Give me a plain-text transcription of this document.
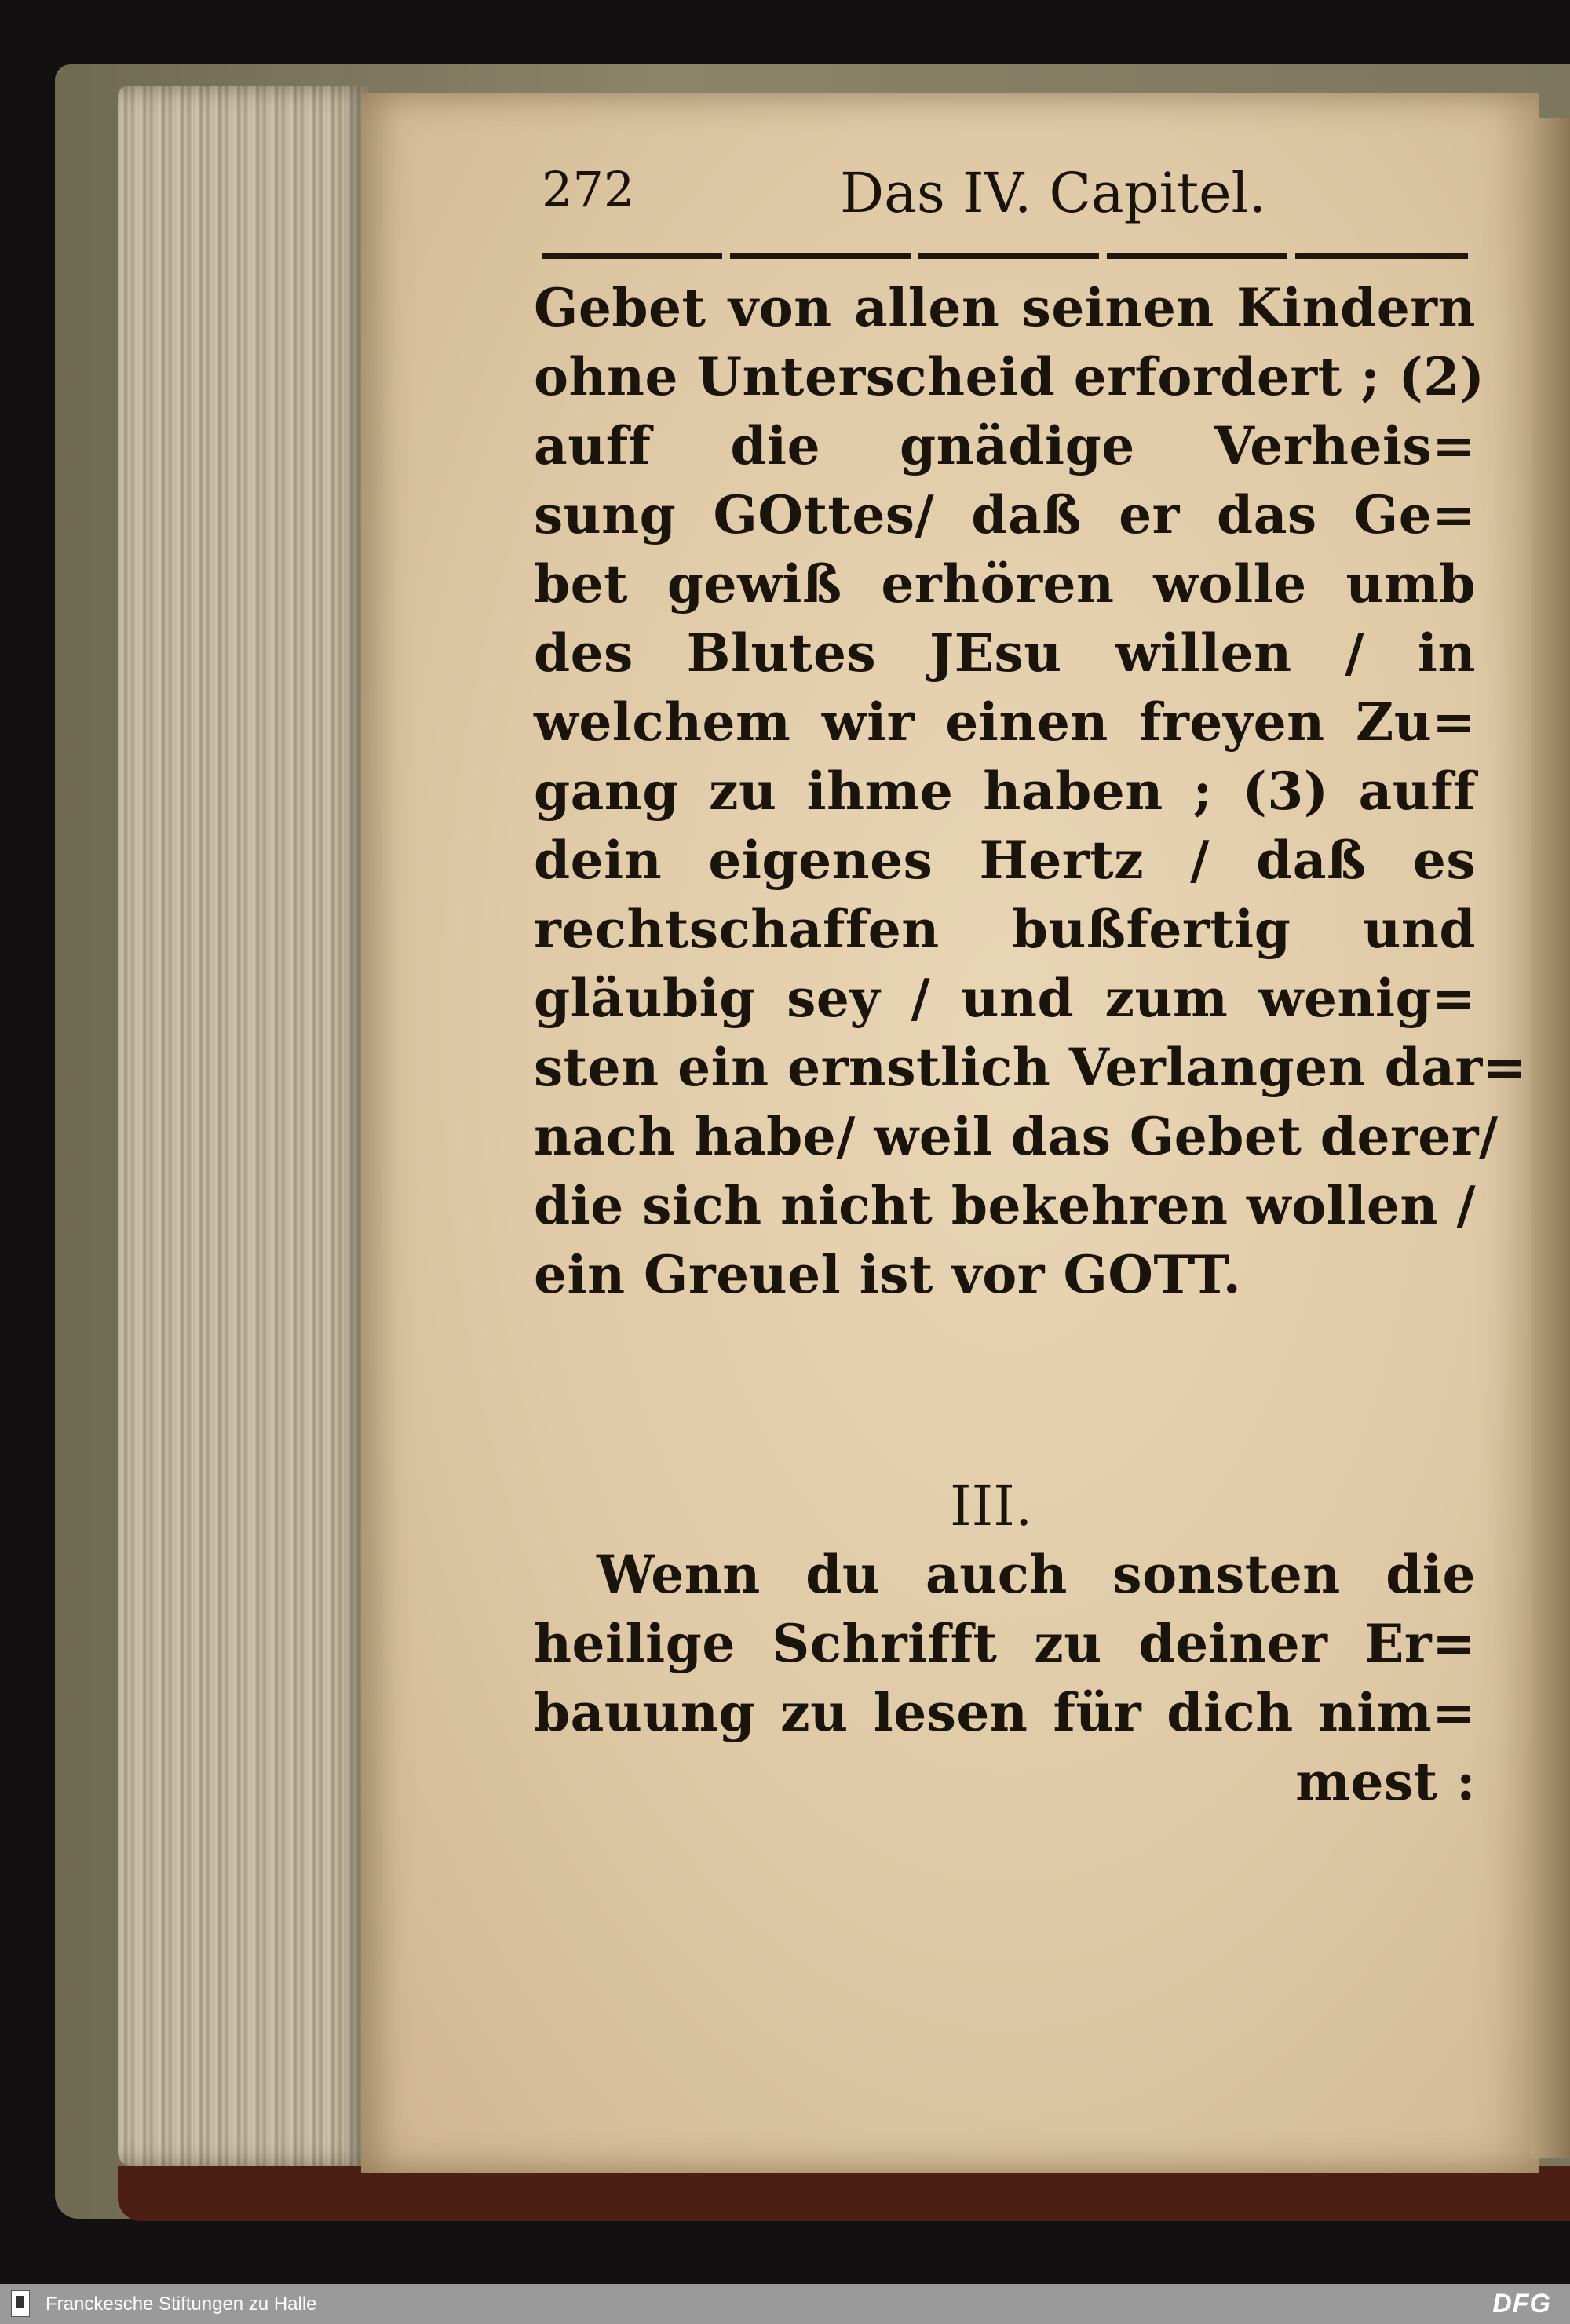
272	Das IV. Capitel.
Gebet von allen seinen Kindern
ohne Unterscheid erfordert ; (2)
auff die gnädige Verheis=
sung GOttes/ daß er das Ge=
bet gewiß erhören wolle umb
des Blutes JEsu willen / in
welchem wir einen freyen Zu=
gang zu ihme haben ; (3) auff
dein eigenes Hertz / daß es
rechtschaffen bußfertig und
gläubig sey / und zum wenig=
sten ein ernstlich Verlangen dar=
nach habe/ weil das Gebet derer/
die sich nicht bekehren wollen /
ein Greuel ist vor GOTT.
III.
Wenn du auch sonsten die
heilige Schrifft zu deiner Er=
bauung zu lesen für dich nim=
mest :
Franckesche Stiftungen zu Halle	DFG
